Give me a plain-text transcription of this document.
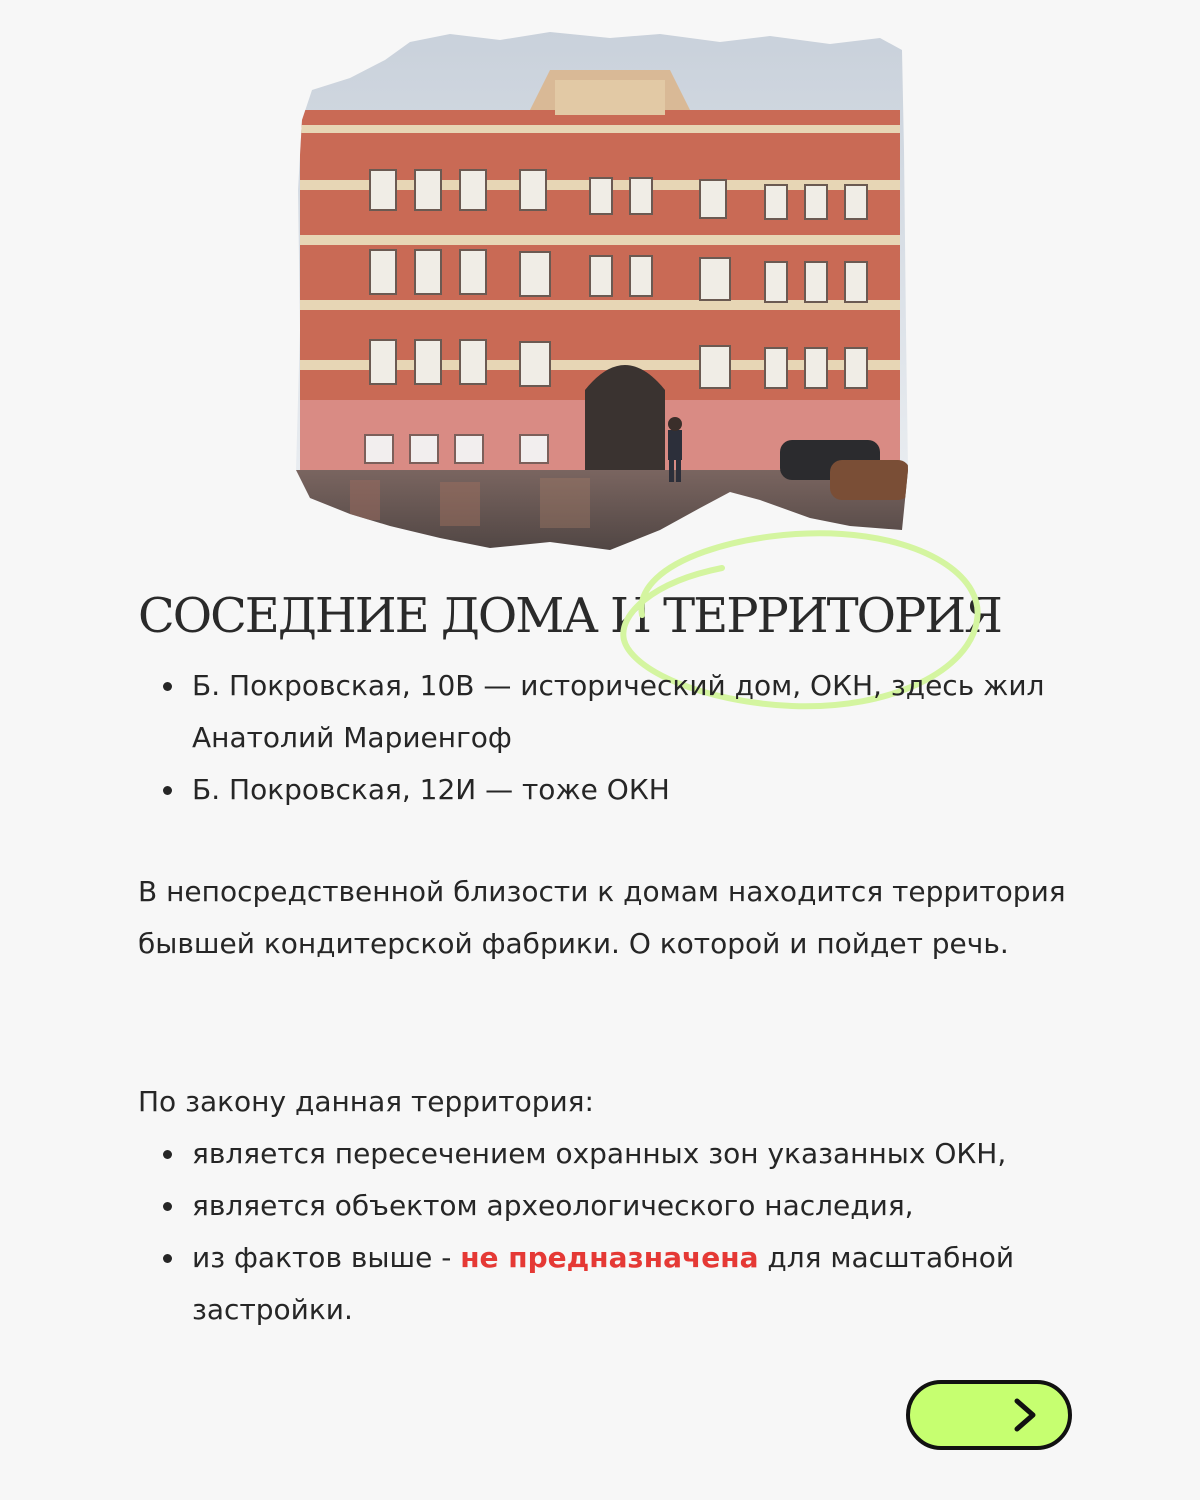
СОСЕДНИЕ ДОМА И ТЕРРИТОРИЯ
Б. Покровская, 10В — исторический дом, ОКН, здесь жил Анатолий Мариенгоф
Б. Покровская, 12И — тоже ОКН

В непосредственной близости к домам находится территория бывшей кондитерской фабрики. О которой и пойдет речь.

По закону данная территория:

является пересечением охранных зон указанных ОКН,
является объектом археологического наследия,
из фактов выше - не предназначена для масштабной застройки.
